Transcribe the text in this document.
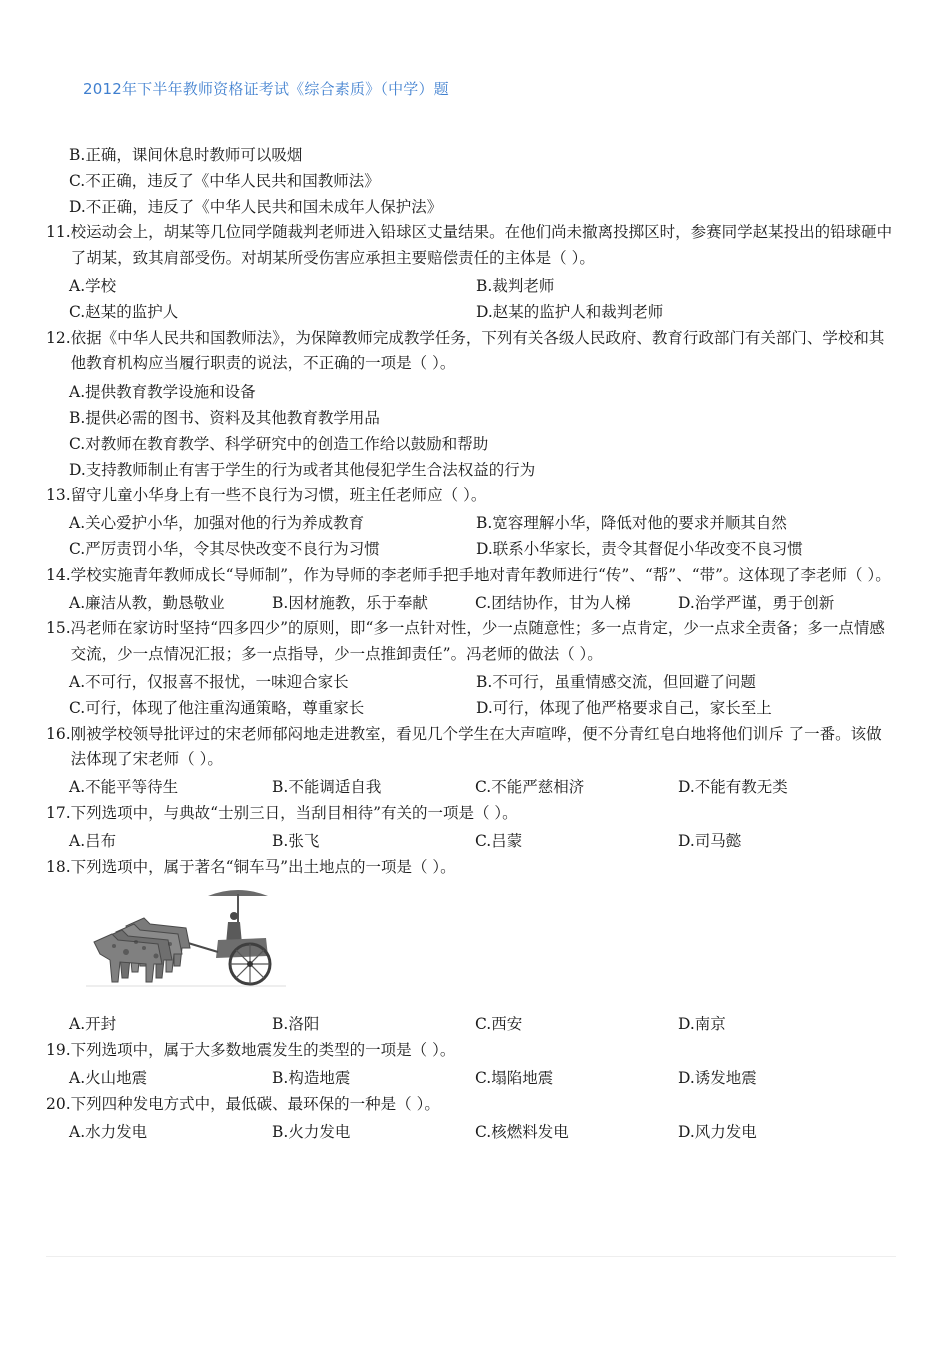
2012年下半年教师资格证考试《综合素质》（中学）题
B.正确，课间休息时教师可以吸烟
C.不正确，违反了《中华人民共和国教师法》
D.不正确，违反了《中华人民共和国未成年人保护法》
11. 校运动会上，胡某等几位同学随裁判老师进入铅球区丈量结果。在他们尚未撤离投掷区时，参赛同学赵某投出的铅球砸中了胡某，致其肩部受伤。对胡某所受伤害应承担主要赔偿责任的主体是（ ）。
A.学校	B.裁判老师
C.赵某的监护人	D.赵某的监护人和裁判老师
12. 依据《中华人民共和国教师法》，为保障教师完成教学任务，下列有关各级人民政府、教育行政部门有关部门、学校和其他教育机构应当履行职责的说法，不正确的一项是（ ）。
A.提供教育教学设施和设备
B.提供必需的图书、资料及其他教育教学用品
C.对教师在教育教学、科学研究中的创造工作给以鼓励和帮助
D.支持教师制止有害于学生的行为或者其他侵犯学生合法权益的行为
13. 留守儿童小华身上有一些不良行为习惯，班主任老师应（ ）。
A.关心爱护小华，加强对他的行为养成教育	B.宽容理解小华，降低对他的要求并顺其自然
C.严厉责罚小华，令其尽快改变不良行为习惯	D.联系小华家长，责令其督促小华改变不良习惯
14. 学校实施青年教师成长“导师制”，作为导师的李老师手把手地对青年教师进行“传”、“帮”、“带”。这体现了李老师（ ）。
A.廉洁从教，勤恳敬业	B.因材施教，乐于奉献	C.团结协作，甘为人梯	D.治学严谨，勇于创新
15. 冯老师在家访时坚持“四多四少”的原则，即“多一点针对性，少一点随意性；多一点肯定，少一点求全责备；多一点情感交流，少一点情况汇报；多一点指导，少一点推卸责任”。冯老师的做法（ ）。
A.不可行，仅报喜不报忧，一味迎合家长	B.不可行，虽重情感交流，但回避了问题
C.可行，体现了他注重沟通策略，尊重家长	D.可行，体现了他严格要求自己，家长至上
16. 刚被学校领导批评过的宋老师郁闷地走进教室，看见几个学生在大声喧哗，便不分青红皂白地将他们训斥 了一番。该做法体现了宋老师（ ）。
A.不能平等待生	B.不能调适自我	C.不能严慈相济	D.不能有教无类
17. 下列选项中，与典故“士别三日，当刮目相待”有关的一项是（ ）。
A.吕布	B.张飞	C.吕蒙	D.司马懿
18. 下列选项中，属于著名“铜车马”出土地点的一项是（ ）。
A.开封	B.洛阳	C.西安	D.南京
19. 下列选项中，属于大多数地震发生的类型的一项是（ ）。
A.火山地震	B.构造地震	C.塌陷地震	D.诱发地震
20. 下列四种发电方式中，最低碳、最环保的一种是（ ）。
A.水力发电	B.火力发电	C.核燃料发电	D.风力发电
